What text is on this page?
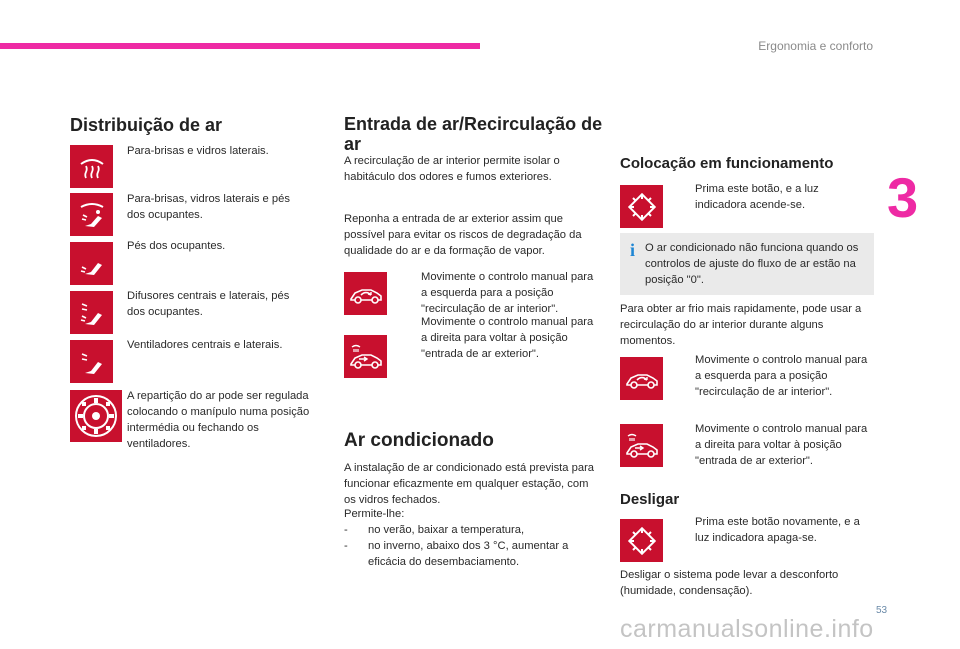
Ergonomia e conforto
3
Distribuição de ar
Para-brisas e vidros laterais.
Para-brisas, vidros laterais e pés dos ocupantes.
Pés dos ocupantes.
Difusores centrais e laterais, pés dos ocupantes.
Ventiladores centrais e laterais.
A repartição do ar pode ser regulada colocando o manípulo numa posição intermédia ou fechando os ventiladores.
Entrada de ar/Recirculação de ar
A recirculação de ar interior permite isolar o habitáculo dos odores e fumos exteriores.
Reponha a entrada de ar exterior assim que possível para evitar os riscos de degradação da qualidade do ar e da formação de vapor.
Movimente o controlo manual para a esquerda para a posição "recirculação de ar interior".
Movimente o controlo manual para a direita para voltar à posição "entrada de ar exterior".
Ar condicionado
A instalação de ar condicionado está prevista para funcionar eficazmente em qualquer estação, com os vidros fechados.
Permite-lhe:
- no verão, baixar a temperatura,
- no inverno, abaixo dos 3 °C, aumentar a eficácia do desembaciamento.
Colocação em funcionamento
Prima este botão, e a luz indicadora acende-se.
i O ar condicionado não funciona quando os controlos de ajuste do fluxo de ar estão na posição "0".
Para obter ar frio mais rapidamente, pode usar a recirculação do ar interior durante alguns momentos.
Movimente o controlo manual para a esquerda para a posição "recirculação de ar interior".
Movimente o controlo manual para a direita para voltar à posição "entrada de ar exterior".
Desligar
Prima este botão novamente, e a luz indicadora apaga-se.
Desligar o sistema pode levar a desconforto (humidade, condensação).
53
carmanualsonline.info
